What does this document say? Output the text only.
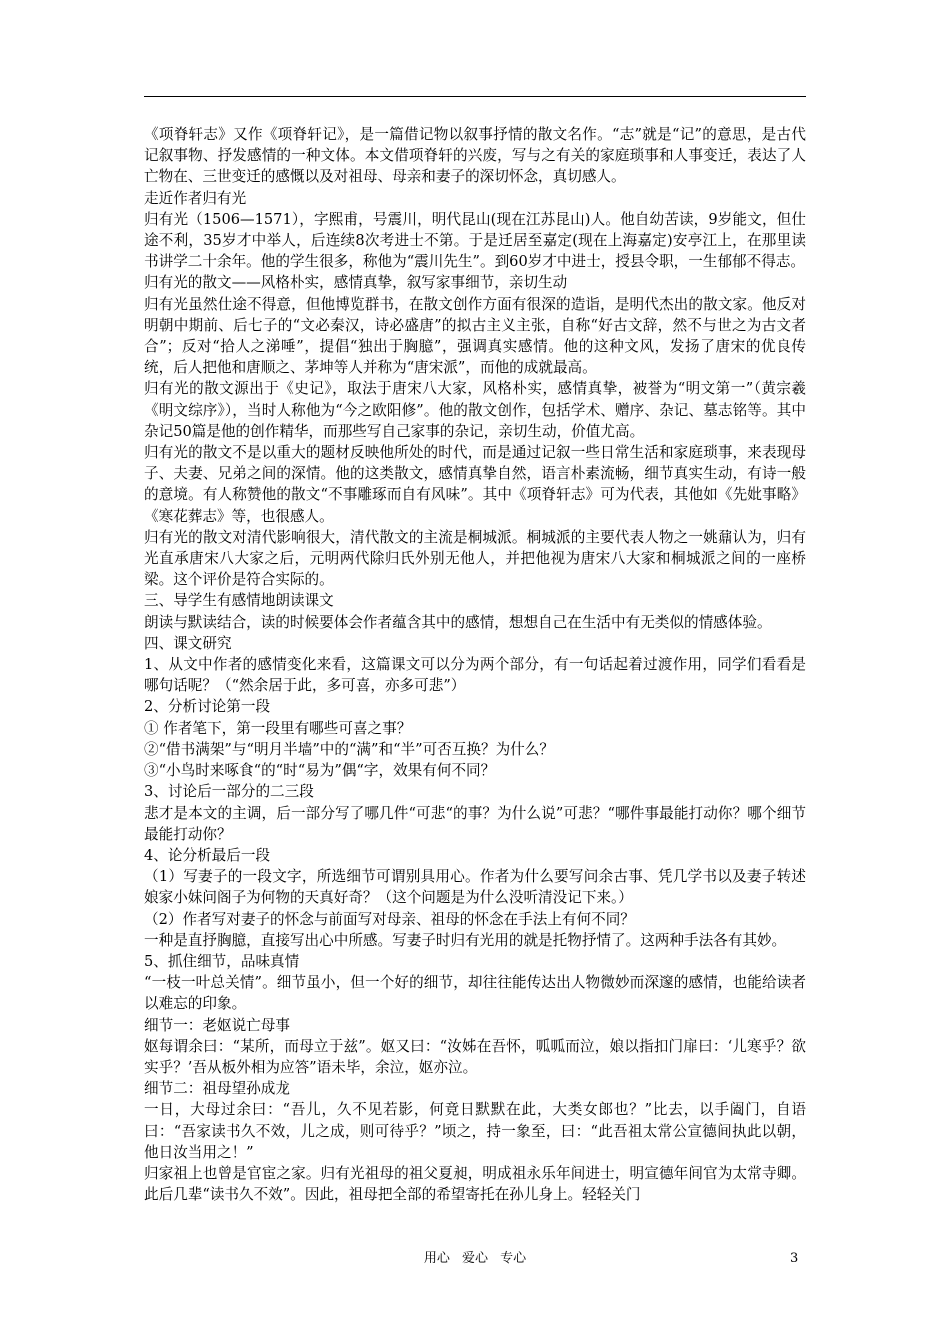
《项脊轩志》又作《项脊轩记》，是一篇借记物以叙事抒情的散文名作。“志”就是“记”的意思，是古代记叙事物、抒发感情的一种文体。本文借项脊轩的兴废，写与之有关的家庭琐事和人事变迁，表达了人亡物在、三世变迁的感慨以及对祖母、母亲和妻子的深切怀念，真切感人。

走近作者归有光

归有光（1506—1571），字熙甫，号震川，明代昆山(现在江苏昆山)人。他自幼苦读，9岁能文，但仕途不利，35岁才中举人，后连续8次考进士不第。于是迁居至嘉定(现在上海嘉定)安亭江上，在那里读书讲学二十余年。他的学生很多，称他为“震川先生”。到60岁才中进士，授县令职，一生郁郁不得志。

归有光的散文——风格朴实，感情真挚，叙写家事细节，亲切生动

归有光虽然仕途不得意，但他博览群书，在散文创作方面有很深的造诣，是明代杰出的散文家。他反对明朝中期前、后七子的“文必秦汉，诗必盛唐”的拟古主义主张，自称“好古文辞，然不与世之为古文者合”；反对“拾人之涕唾”，提倡“独出于胸臆”，强调真实感情。他的这种文风，发扬了唐宋的优良传统，后人把他和唐顺之、茅坤等人并称为“唐宋派”，而他的成就最高。

归有光的散文源出于《史记》，取法于唐宋八大家，风格朴实，感情真挚，被誉为“明文第一”（黄宗羲《明文综序》），当时人称他为“今之欧阳修”。他的散文创作，包括学术、赠序、杂记、墓志铭等。其中杂记50篇是他的创作精华，而那些写自己家事的杂记，亲切生动，价值尤高。

归有光的散文不是以重大的题材反映他所处的时代，而是通过记叙一些日常生活和家庭琐事，来表现母子、夫妻、兄弟之间的深情。他的这类散文，感情真挚自然，语言朴素流畅，细节真实生动，有诗一般的意境。有人称赞他的散文“不事雕琢而自有风味”。其中《项脊轩志》可为代表，其他如《先妣事略》《寒花葬志》等，也很感人。

归有光的散文对清代影响很大，清代散文的主流是桐城派。桐城派的主要代表人物之一姚鼐认为，归有光直承唐宋八大家之后，元明两代除归氏外别无他人，并把他视为唐宋八大家和桐城派之间的一座桥梁。这个评价是符合实际的。

三、导学生有感情地朗读课文

朗读与默读结合，读的时候要体会作者蕴含其中的感情，想想自己在生活中有无类似的情感体验。

四、课文研究

1、从文中作者的感情变化来看，这篇课文可以分为两个部分，有一句话起着过渡作用，同学们看看是哪句话呢？（“然余居于此，多可喜，亦多可悲”）

2、分析讨论第一段

① 作者笔下，第一段里有哪些可喜之事？

②“借书满架”与“明月半墙”中的“满”和“半”可否互换？为什么？

③“小鸟时来啄食“的“时“易为”偶“字，效果有何不同？

3、讨论后一部分的二三段

悲才是本文的主调，后一部分写了哪几件“可悲“的事？为什么说”可悲？“哪件事最能打动你？哪个细节最能打动你？

4、论分析最后一段

（1）写妻子的一段文字，所选细节可谓别具用心。作者为什么要写问余古事、凭几学书以及妻子转述娘家小妹问阁子为何物的天真好奇？（这个问题是为什么没听清没记下来。）

（2）作者写对妻子的怀念与前面写对母亲、祖母的怀念在手法上有何不同？

一种是直抒胸臆，直接写出心中所感。写妻子时归有光用的就是托物抒情了。这两种手法各有其妙。

5、抓住细节，品味真情

“一枝一叶总关情”。细节虽小，但一个好的细节，却往往能传达出人物微妙而深邃的感情，也能给读者以难忘的印象。

细节一：老妪说亡母事

妪每谓余曰：“某所，而母立于兹”。妪又曰：“汝姊在吾怀，呱呱而泣，娘以指扣门扉曰：‘儿寒乎？欲实乎？’吾从板外相为应答”语未毕，余泣，妪亦泣。

细节二：祖母望孙成龙

一日，大母过余曰：“吾儿，久不见若影，何竟日默默在此，大类女郎也？”比去，以手阖门，自语曰：“吾家读书久不效，儿之成，则可待乎？”顷之，持一象至，曰：“此吾祖太常公宣德间执此以朝，他日汝当用之！”

归家祖上也曾是官宦之家。归有光祖母的祖父夏昶，明成祖永乐年间进士，明宣德年间官为太常寺卿。此后几辈“读书久不效”。因此，祖母把全部的希望寄托在孙儿身上。轻轻关门

用心 爱心 专心	3
